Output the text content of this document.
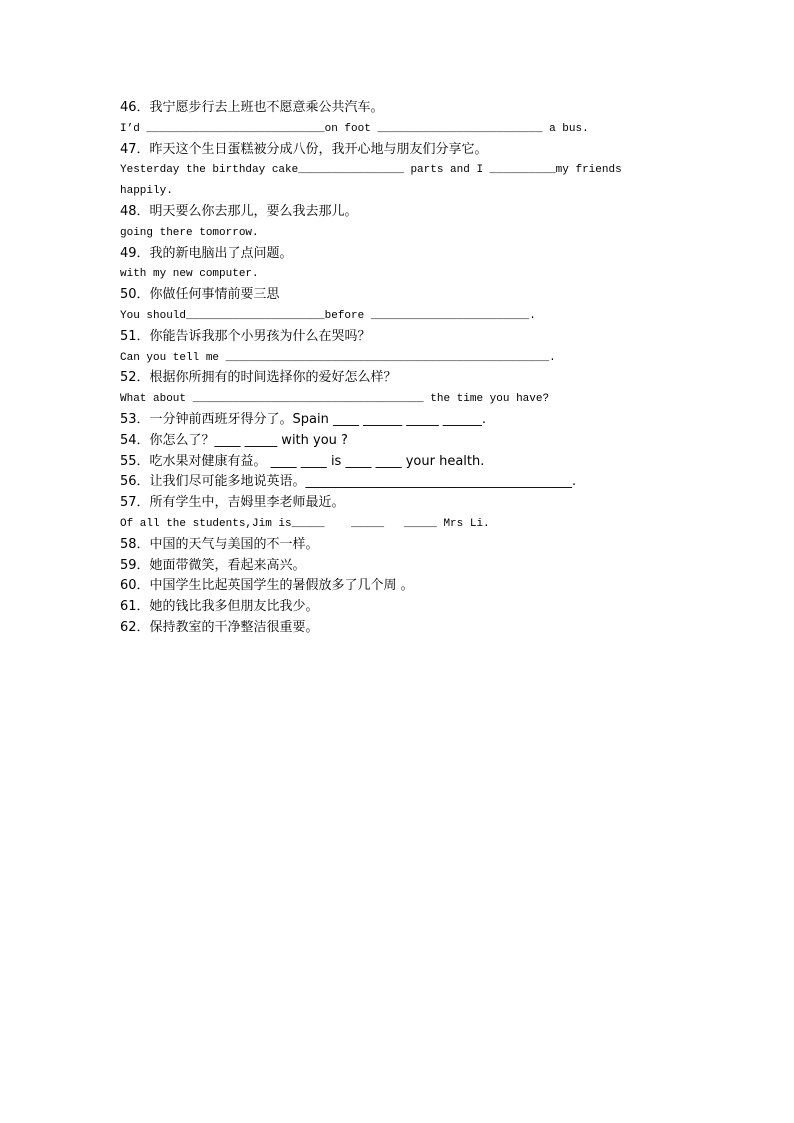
46．我宁愿步行去上班也不愿意乘公共汽车。
I’d ___________________________on foot _________________________ a bus.
47．昨天这个生日蛋糕被分成八份，我开心地与朋友们分享它。
Yesterday the birthday cake________________ parts and I __________my friends
happily.
48．明天要么你去那儿，要么我去那儿。
going there tomorrow.
49．我的新电脑出了点问题。
with my new computer.
50．你做任何事情前要三思
You should_____________________before ________________________.
51．你能告诉我那个小男孩为什么在哭吗？
Can you tell me _________________________________________________.
52．根据你所拥有的时间选择你的爱好怎么样？
What about ___________________________________ the time you have?
53．一分钟前西班牙得分了。Spain ____ ______ _____ ______.
54．你怎么了？____ _____ with you ?
55．吃水果对健康有益。 ____ ____ is ____ ____ your health.
56．让我们尽可能多地说英语。_________________________________________.
57．所有学生中，吉姆里李老师最近。
Of all the students,Jim is_____    _____   _____ Mrs Li.
58．中国的天气与美国的不一样。
59．她面带微笑，看起来高兴。
60．中国学生比起英国学生的暑假放多了几个周 。
61．她的钱比我多但朋友比我少。
62．保持教室的干净整洁很重要。
